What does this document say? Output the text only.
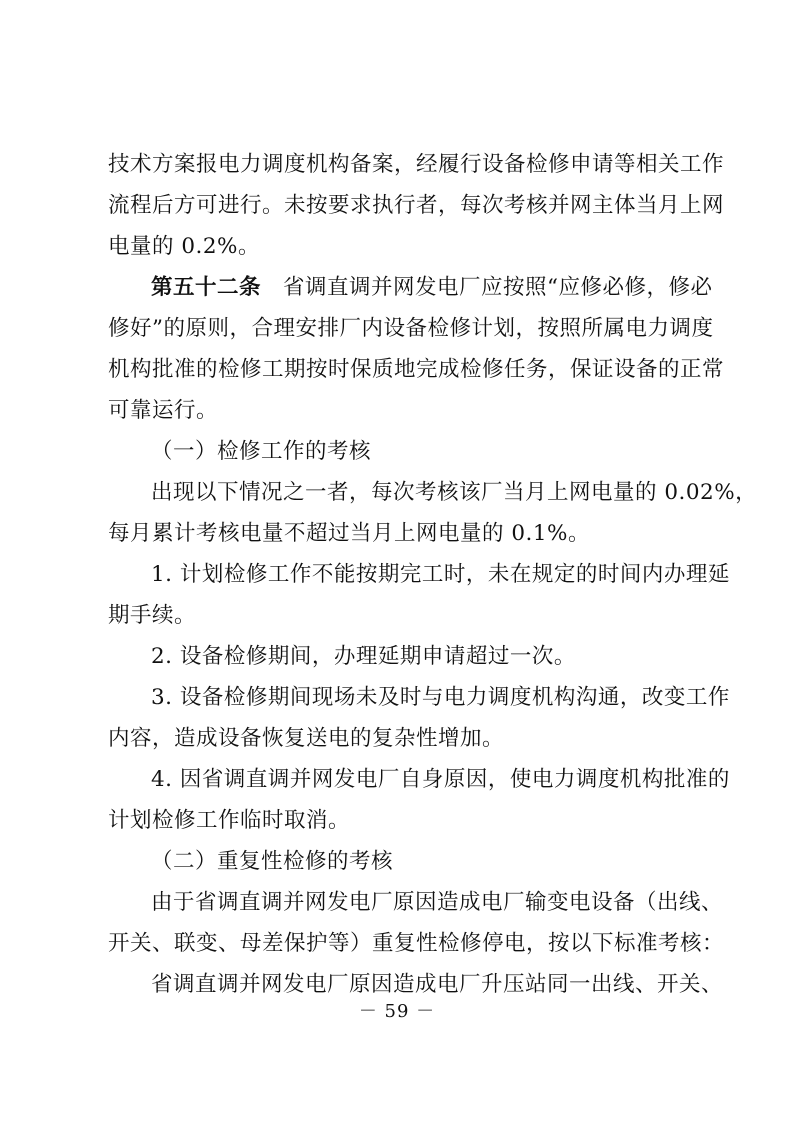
技术方案报电力调度机构备案，经履行设备检修申请等相关工作
流程后方可进行。未按要求执行者，每次考核并网主体当月上网
电量的 0.2%。
第五十二条 省调直调并网发电厂应按照“应修必修，修必
修好”的原则，合理安排厂内设备检修计划，按照所属电力调度
机构批准的检修工期按时保质地完成检修任务，保证设备的正常
可靠运行。
（一）检修工作的考核
出现以下情况之一者，每次考核该厂当月上网电量的 0.02%，
每月累计考核电量不超过当月上网电量的 0.1%。
1. 计划检修工作不能按期完工时，未在规定的时间内办理延
期手续。
2. 设备检修期间，办理延期申请超过一次。
3. 设备检修期间现场未及时与电力调度机构沟通，改变工作
内容，造成设备恢复送电的复杂性增加。
4. 因省调直调并网发电厂自身原因，使电力调度机构批准的
计划检修工作临时取消。
（二）重复性检修的考核
由于省调直调并网发电厂原因造成电厂输变电设备（出线、
开关、联变、母差保护等）重复性检修停电，按以下标准考核：
省调直调并网发电厂原因造成电厂升压站同一出线、开关、
－ 59 －
